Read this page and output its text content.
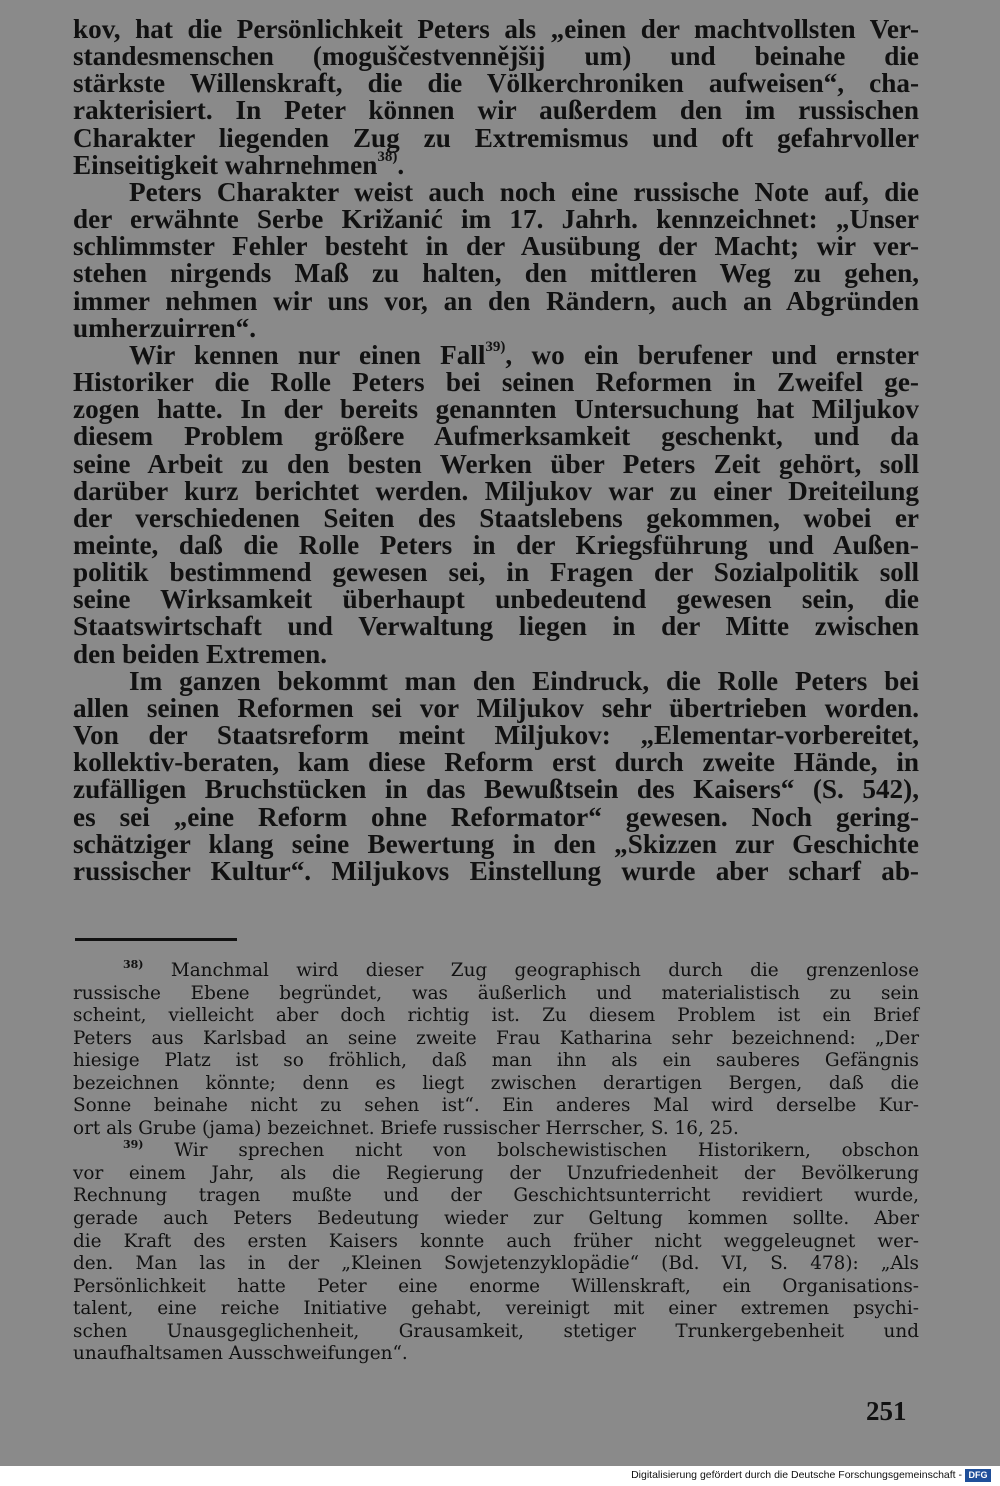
kov, hat die Persönlichkeit Peters als „einen der machtvollsten Ver-
standesmenschen (moguščestvennějšij um) und beinahe die
stärkste Willenskraft, die die Völkerchroniken aufweisen“, cha-
rakterisiert. In Peter können wir außerdem den im russischen
Charakter liegenden Zug zu Extremismus und oft gefahrvoller
Einseitigkeit wahrnehmen$^{38)}$.
Peters Charakter weist auch noch eine russische Note auf, die
der erwähnte Serbe Križanić im 17. Jahrh. kennzeichnet: „Unser
schlimmster Fehler besteht in der Ausübung der Macht; wir ver-
stehen nirgends Maß zu halten, den mittleren Weg zu gehen,
immer nehmen wir uns vor, an den Rändern, auch an Abgründen
umherzuirren“.
Wir kennen nur einen Fall$^{39)}$, wo ein berufener und ernster
Historiker die Rolle Peters bei seinen Reformen in Zweifel ge-
zogen hatte. In der bereits genannten Untersuchung hat Miljukov
diesem Problem größere Aufmerksamkeit geschenkt, und da
seine Arbeit zu den besten Werken über Peters Zeit gehört, soll
darüber kurz berichtet werden. Miljukov war zu einer Dreiteilung
der verschiedenen Seiten des Staatslebens gekommen, wobei er
meinte, daß die Rolle Peters in der Kriegsführung und Außen-
politik bestimmend gewesen sei, in Fragen der Sozialpolitik soll
seine Wirksamkeit überhaupt unbedeutend gewesen sein, die
Staatswirtschaft und Verwaltung liegen in der Mitte zwischen
den beiden Extremen.
Im ganzen bekommt man den Eindruck, die Rolle Peters bei
allen seinen Reformen sei vor Miljukov sehr übertrieben worden.
Von der Staatsreform meint Miljukov: „Elementar-vorbereitet,
kollektiv-beraten, kam diese Reform erst durch zweite Hände, in
zufälligen Bruchstücken in das Bewußtsein des Kaisers“ (S. 542),
es sei „eine Reform ohne Reformator“ gewesen. Noch gering-
schätziger klang seine Bewertung in den „Skizzen zur Geschichte
russischer Kultur“. Miljukovs Einstellung wurde aber scharf ab-
$^{38)}$ Manchmal wird dieser Zug geographisch durch die grenzenlose
russische Ebene begründet, was äußerlich und materialistisch zu sein
scheint, vielleicht aber doch richtig ist. Zu diesem Problem ist ein Brief
Peters aus Karlsbad an seine zweite Frau Katharina sehr bezeichnend: „Der
hiesige Platz ist so fröhlich, daß man ihn als ein sauberes Gefängnis
bezeichnen könnte; denn es liegt zwischen derartigen Bergen, daß die
Sonne beinahe nicht zu sehen ist“. Ein anderes Mal wird derselbe Kur-
ort als Grube (jama) bezeichnet. Briefe russischer Herrscher, S. 16, 25.
$^{39)}$ Wir sprechen nicht von bolschewistischen Historikern, obschon
vor einem Jahr, als die Regierung der Unzufriedenheit der Bevölkerung
Rechnung tragen mußte und der Geschichtsunterricht revidiert wurde,
gerade auch Peters Bedeutung wieder zur Geltung kommen sollte. Aber
die Kraft des ersten Kaisers konnte auch früher nicht weggeleugnet wer-
den. Man las in der „Kleinen Sowjetenzyklopädie“ (Bd. VI, S. 478): „Als
Persönlichkeit hatte Peter eine enorme Willenskraft, ein Organisations-
talent, eine reiche Initiative gehabt, vereinigt mit einer extremen psychi-
schen Unausgeglichenheit, Grausamkeit, stetiger Trunkergebenheit und
unaufhaltsamen Ausschweifungen“.
251
Digitalisierung gefördert durch die Deutsche Forschungsgemeinschaft - DFG
